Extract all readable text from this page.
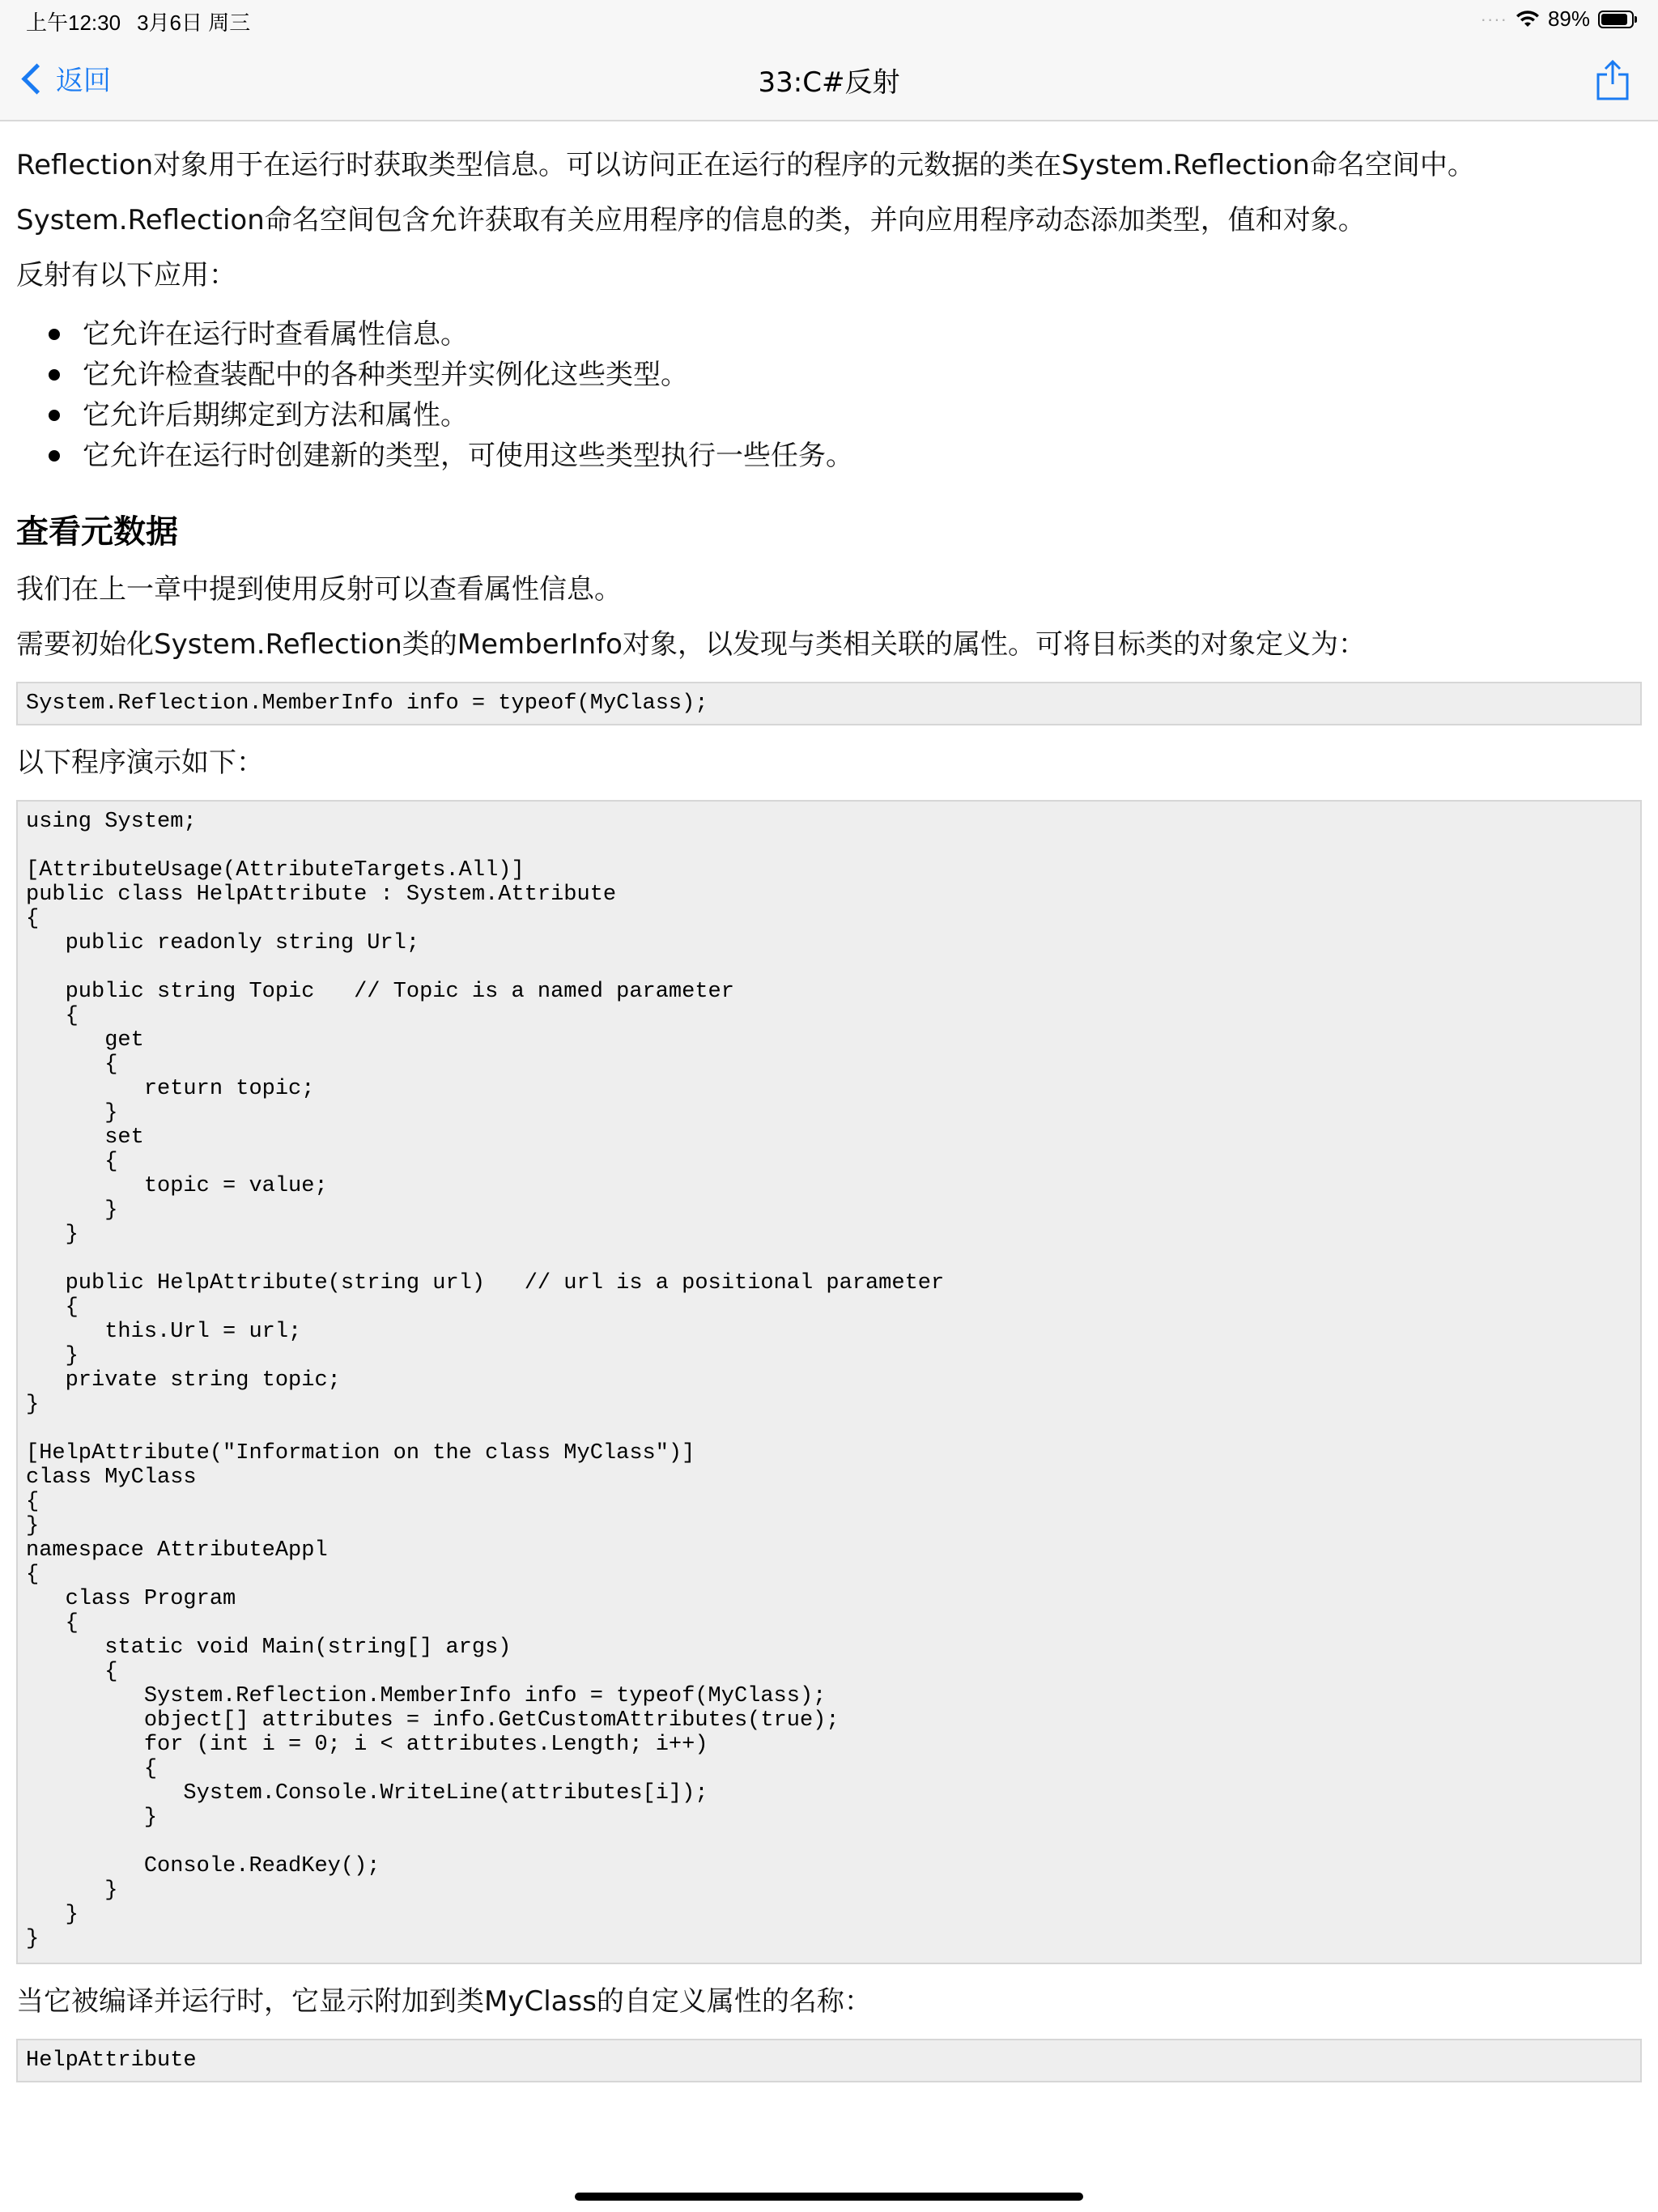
上午12:30 3月6日 周三	···· 89%
返回	33:C#反射

Reflection对象用于在运行时获取类型信息。可以访问正在运行的程序的元数据的类在System.Reflection命名空间中。

System.Reflection命名空间包含允许获取有关应用程序的信息的类，并向应用程序动态添加类型，值和对象。

反射有以下应用：

它允许在运行时查看属性信息。
它允许检查装配中的各种类型并实例化这些类型。
它允许后期绑定到方法和属性。
它允许在运行时创建新的类型，可使用这些类型执行一些任务。
查看元数据

我们在上一章中提到使用反射可以查看属性信息。

需要初始化System.Reflection类的MemberInfo对象，以发现与类相关联的属性。可将目标类的对象定义为：

System.Reflection.MemberInfo info = typeof(MyClass);

以下程序演示如下：

using System;

[AttributeUsage(AttributeTargets.All)]
public class HelpAttribute : System.Attribute
{
public readonly string Url;

public string Topic   // Topic is a named parameter
{
get
{
return topic;
}
set
{
topic = value;
}
}

public HelpAttribute(string url)   // url is a positional parameter
{
this.Url = url;
}
private string topic;
}

[HelpAttribute("Information on the class MyClass")]
class MyClass
{
}
namespace AttributeAppl
{
class Program
{
static void Main(string[] args)
{
System.Reflection.MemberInfo info = typeof(MyClass);
object[] attributes = info.GetCustomAttributes(true);
for (int i = 0; i < attributes.Length; i++)
{
System.Console.WriteLine(attributes[i]);
}

Console.ReadKey();
}
}
}

当它被编译并运行时，它显示附加到类MyClass的自定义属性的名称：

HelpAttribute
